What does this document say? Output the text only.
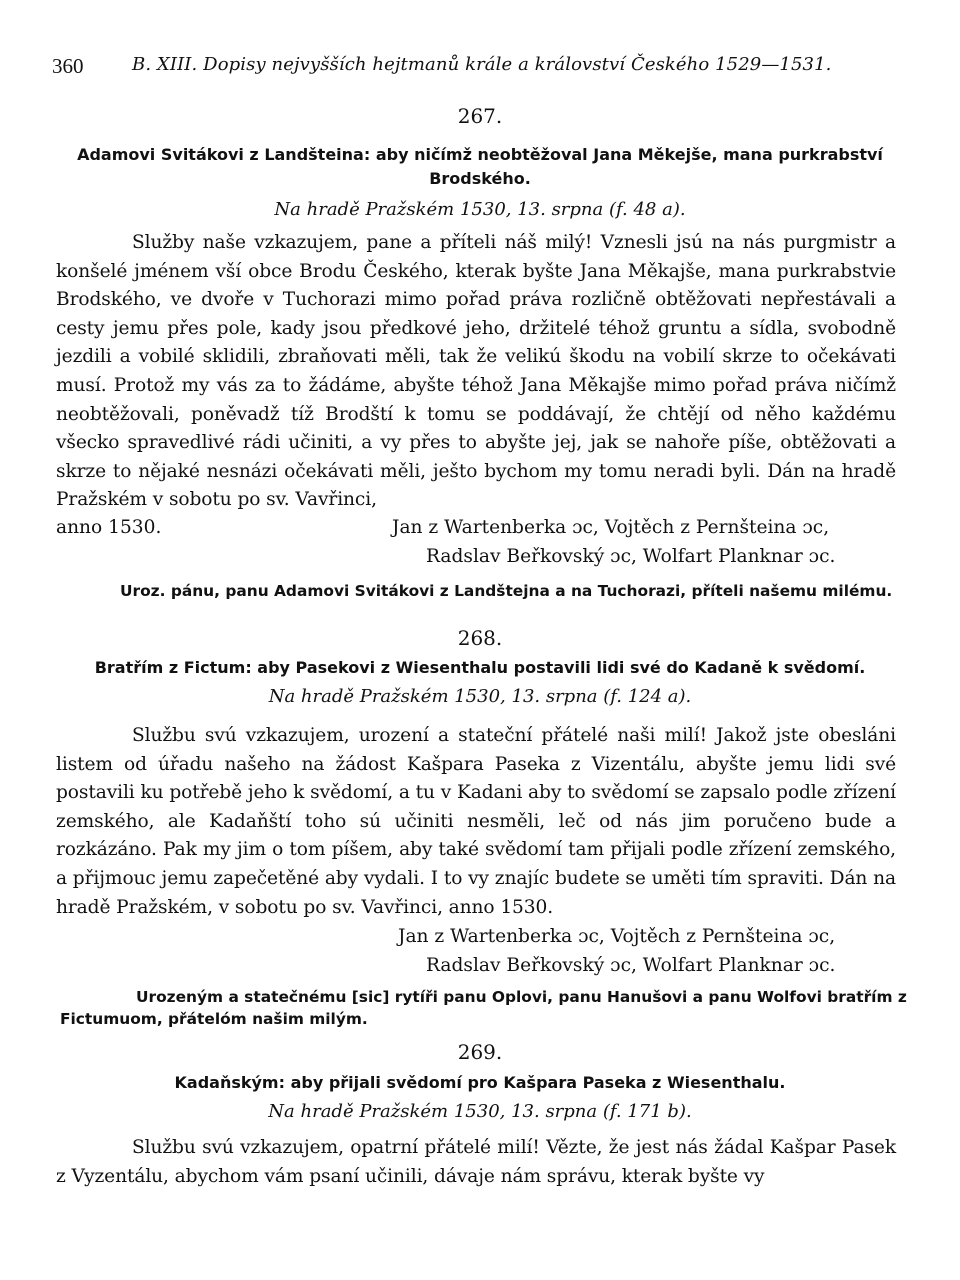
360	B. XIII. Dopisy nejvyšších hejtmanů krále a království Českého 1529—1531.
267.
Adamovi Svitákovi z Landšteina: aby ničímž neobtěžoval Jana Měkejše, mana purkrabství Brodského.
Na hradě Pražském 1530, 13. srpna (f. 48 a).

Služby naše vzkazujem, pane a příteli náš milý! Vznesli jsú na nás purgmistr a konšelé jménem vší obce Brodu Českého, kterak byšte Jana Měkajše, mana purkrabstvie Brodského, ve dvoře v Tuchorazi mimo pořad práva rozličně obtěžovati nepřestávali a cesty jemu přes pole, kady jsou předkové jeho, držitelé téhož gruntu a sídla, svobodně jezdili a vobilé sklidili, zbraňovati měli, tak že velikú škodu na vobilí skrze to očekávati musí. Protož my vás za to žádáme, abyšte téhož Jana Měkajše mimo pořad práva ničímž neobtěžovali, poněvadž tíž Brodští k tomu se poddávají, že chtějí od něho každému všecko spravedlivé rádi učiniti, a vy přes to abyšte jej, jak se nahoře píše, obtěžovati a skrze to nějaké nesnázi očekávati měli, ješto bychom my tomu neradi byli. Dán na hradě Pražském v sobotu po sv. Vavřinci,

anno 1530.	Jan z Wartenberka ɔc, Vojtěch z Pernšteina ɔc,
Radslav Beřkovský ɔc, Wolfart Planknar ɔc.
Uroz. pánu, panu Adamovi Svitákovi z Landštejna a na Tuchorazi, příteli našemu milému.
268.
Bratřím z Fictum: aby Pasekovi z Wiesenthalu postavili lidi své do Kadaně k svědomí.
Na hradě Pražském 1530, 13. srpna (f. 124 a).

Službu svú vzkazujem, urození a stateční přátelé naši milí! Jakož jste obesláni listem od úřadu našeho na žádost Kašpara Paseka z Vizentálu, abyšte jemu lidi své postavili ku potřebě jeho k svědomí, a tu v Kadani aby to svědomí se zapsalo podle zřízení zemského, ale Kadaňští toho sú učiniti nesměli, leč od nás jim poručeno bude a rozkázáno. Pak my jim o tom píšem, aby také svědomí tam přijali podle zřízení zemského, a přijmouc jemu zapečetěné aby vydali. I to vy znajíc budete se uměti tím spraviti. Dán na hradě Pražském, v sobotu po sv. Vavřinci, anno 1530.

Jan z Wartenberka ɔc, Vojtěch z Pernšteina ɔc,
Radslav Beřkovský ɔc, Wolfart Planknar ɔc.
Urozeným a statečnému [sic] rytíři panu Oplovi, panu Hanušovi a panu Wolfovi bratřím z Fictumuom, přátelóm našim milým.
269.
Kadaňským: aby přijali svědomí pro Kašpara Paseka z Wiesenthalu.
Na hradě Pražském 1530, 13. srpna (f. 171 b).

Službu svú vzkazujem, opatrní přátelé milí! Vězte, že jest nás žádal Kašpar Pasek z Vyzentálu, abychom vám psaní učinili, dávaje nám správu, kterak byšte vy
